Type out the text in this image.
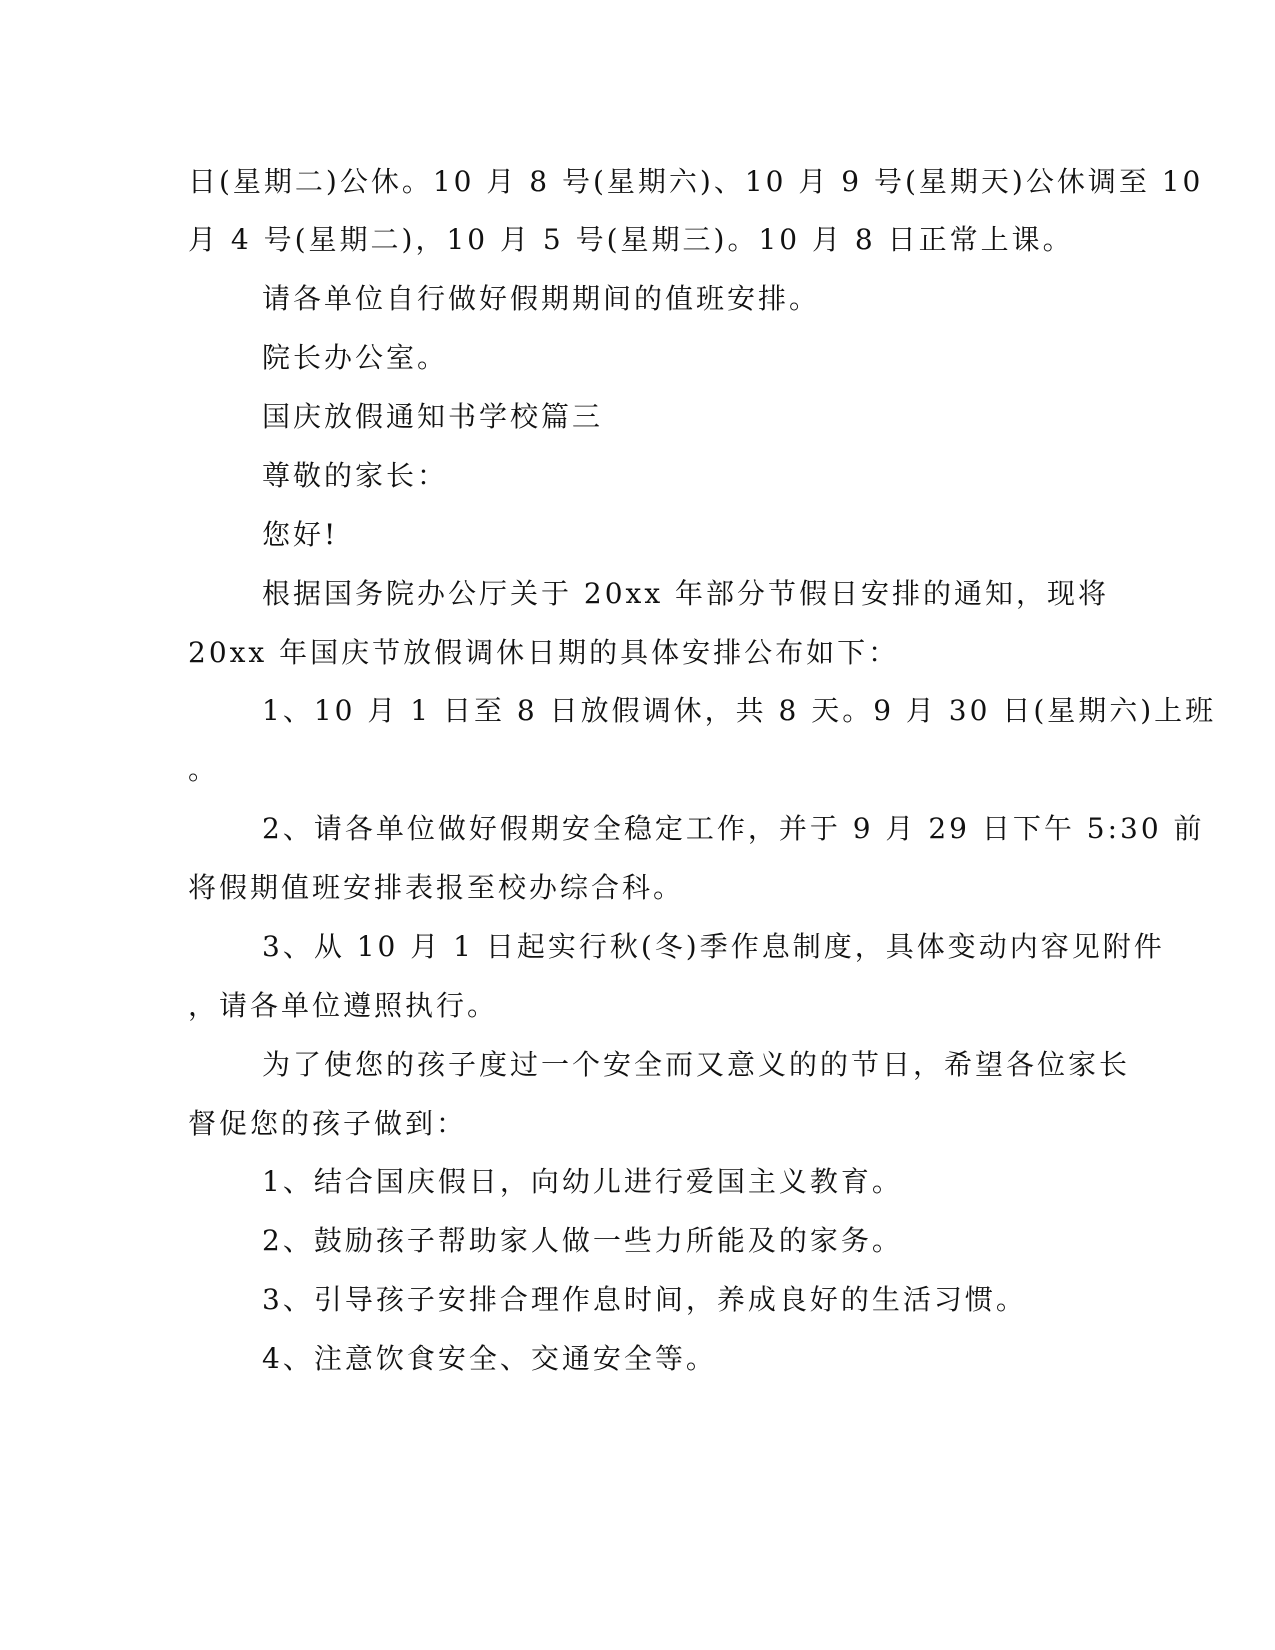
日(星期二)公休。10 月 8 号(星期六)、10 月 9 号(星期天)公休调至 10
月 4 号(星期二)，10 月 5 号(星期三)。10 月 8 日正常上课。
请各单位自行做好假期期间的值班安排。
院长办公室。
国庆放假通知书学校篇三
尊敬的家长：
您好!
根据国务院办公厅关于 20xx 年部分节假日安排的通知，现将
20xx 年国庆节放假调休日期的具体安排公布如下：
1、10 月 1 日至 8 日放假调休，共 8 天。9 月 30 日(星期六)上班
。
2、请各单位做好假期安全稳定工作，并于 9 月 29 日下午 5:30 前
将假期值班安排表报至校办综合科。
3、从 10 月 1 日起实行秋(冬)季作息制度，具体变动内容见附件
，请各单位遵照执行。
为了使您的孩子度过一个安全而又意义的的节日，希望各位家长
督促您的孩子做到：
1、结合国庆假日，向幼儿进行爱国主义教育。
2、鼓励孩子帮助家人做一些力所能及的家务。
3、引导孩子安排合理作息时间，养成良好的生活习惯。
4、注意饮食安全、交通安全等。
